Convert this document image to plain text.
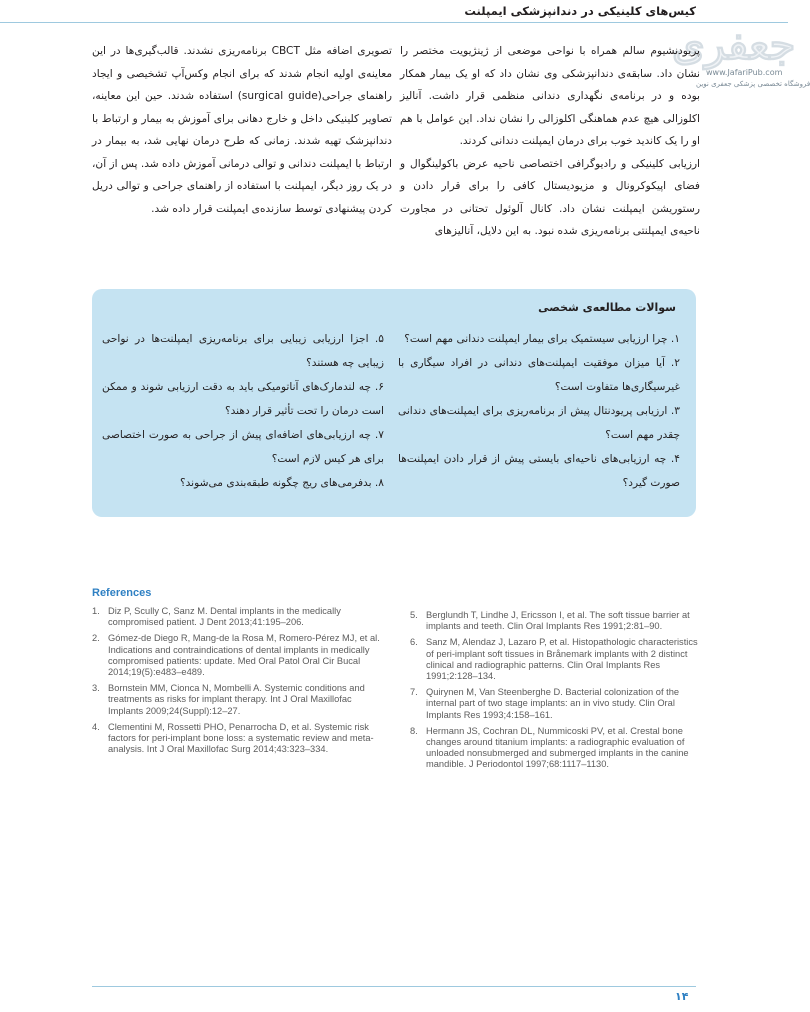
کیس‌های کلینیکی در دندانپزشکی ایمپلنت
جعفری
www.JafariPub.com
فروشگاه تخصصی پزشکی جعفری نوین

پریودنشیوم سالم همراه با نواحی موضعی از ژینژیویت مختصر را نشان داد. سابقه‌ی دندانپزشکی وی نشان داد که او یک بیمار همکار بوده و در برنامه‌ی نگهداری دندانی منظمی قرار داشت. آنالیز اکلوزالی هیچ عدم هماهنگی اکلوزالی را نشان نداد. این عوامل با هم او را یک کاندید خوب برای درمان ایمپلنت دندانی کردند.

ارزیابی کلینیکی و رادیوگرافی اختصاصی ناحیه عرض باکولینگوال و فضای اپیکوکرونال و مزیودیستال کافی را برای قرار دادن و رستوریشن ایمپلنت نشان داد. کانال آلوئول تحتانی در مجاورت ناحیه‌ی ایمپلنتی برنامه‌ریزی شده نبود. به این دلایل، آنالیزهای

تصویری اضافه مثل CBCT برنامه‌ریزی نشدند. قالب‌گیری‌ها در این معاینه‌ی اولیه انجام شدند که برای انجام وکس‌آپ تشخیصی و ایجاد راهنمای جراحی(surgical guide) استفاده شدند. حین این معاینه، تصاویر کلینیکی داخل و خارج دهانی برای آموزش به بیمار و ارتباط با دندانپزشک تهیه شدند. زمانی که طرح درمان نهایی شد، به بیمار در ارتباط با ایمپلنت دندانی و توالی درمانی آموزش داده شد. پس از آن، در یک روز دیگر، ایمپلنت با استفاده از راهنمای جراحی و توالی دریل کردن پیشنهادی توسط سازنده‌ی ایمپلنت قرار داده شد.

سوالات مطالعه‌ی شخصی

۱. چرا ارزیابی سیستمیک برای بیمار ایمپلنت دندانی مهم است؟

۲. آیا میزان موفقیت ایمپلنت‌های دندانی در افراد سیگاری با غیرسیگاری‌ها متفاوت است؟

۳. ارزیابی پریودنتال پیش از برنامه‌ریزی برای ایمپلنت‌های دندانی چقدر مهم است؟

۴. چه ارزیابی‌های ناحیه‌ای بایستی پیش از قرار دادن ایمپلنت‌ها صورت گیرد؟

۵. اجزا ارزیابی زیبایی برای برنامه‌ریزی ایمپلنت‌ها در نواحی زیبایی چه هستند؟

۶. چه لندمارک‌های آناتومیکی باید به دقت ارزیابی شوند و ممکن است درمان را تحت تأثیر قرار دهند؟

۷. چه ارزیابی‌های اضافه‌ای پیش از جراحی به صورت اختصاصی برای هر کیس لازم است؟

۸. بدفرمی‌های ریج چگونه طبقه‌بندی می‌شوند؟

References
1. Diz P, Scully C, Sanz M. Dental implants in the medically compromised patient. J Dent 2013;41:195–206.
2. Gómez-de Diego R, Mang-de la Rosa M, Romero-Pérez MJ, et al. Indications and contraindications of dental implants in medically compromised patients: update. Med Oral Patol Oral Cir Bucal 2014;19(5):e483–e489.
3. Bornstein MM, Cionca N, Mombelli A. Systemic conditions and treatments as risks for implant therapy. Int J Oral Maxillofac Implants 2009;24(Suppl):12–27.
4. Clementini M, Rossetti PHO, Penarrocha D, et al. Systemic risk factors for peri-implant bone loss: a systematic review and meta-analysis. Int J Oral Maxillofac Surg 2014;43:323–334.
5. Berglundh T, Lindhe J, Ericsson I, et al. The soft tissue barrier at implants and teeth. Clin Oral Implants Res 1991;2:81–90.
6. Sanz M, Alendaz J, Lazaro P, et al. Histopathologic characteristics of peri-implant soft tissues in Brånemark implants with 2 distinct clinical and radiographic patterns. Clin Oral Implants Res 1991;2:128–134.
7. Quirynen M, Van Steenberghe D. Bacterial colonization of the internal part of two stage implants: an in vivo study. Clin Oral Implants Res 1993;4:158–161.
8. Hermann JS, Cochran DL, Nummicoski PV, et al. Crestal bone changes around titanium implants: a radiographic evaluation of unloaded nonsubmerged and submerged implants in the canine mandible. J Periodontol 1997;68:1117–1130.
۱۴
